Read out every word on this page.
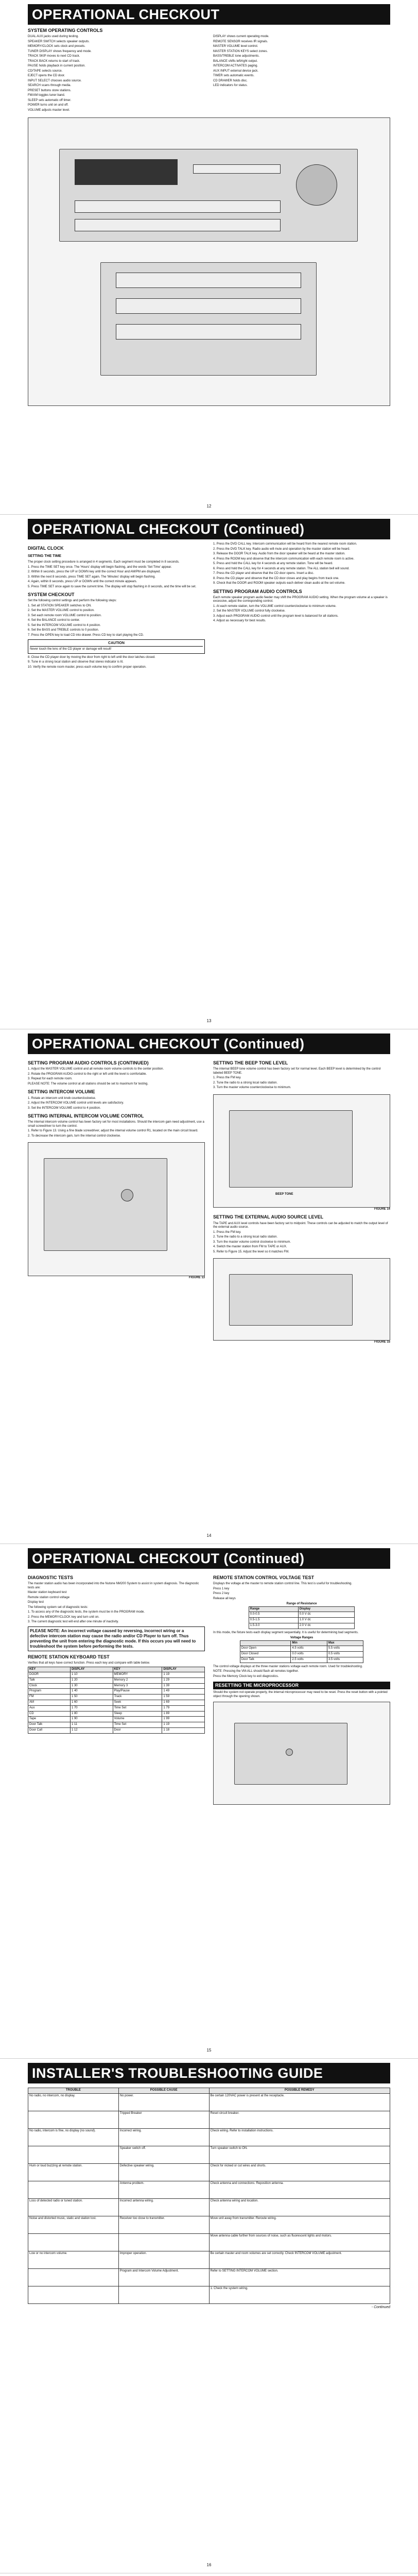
OPERATIONAL CHECKOUT
SYSTEM OPERATING CONTROLS
DUAL AUX jacks used during testing.
SPEAKER SWITCH selects speaker outputs.
MEMORY/CLOCK sets clock and presets.
TUNER DISPLAY shows frequency and mode.
TRACK SKIP moves to next CD track.
TRACK BACK returns to start of track.
PAUSE holds playback in current position.
CD/TAPE selects source.
EJECT opens the CD door.
INPUT SELECT chooses audio source.
SEARCH scans through media.
PRESET buttons store stations.
FM/AM toggles tuner band.
SLEEP sets automatic off timer.
POWER turns unit on and off.
VOLUME adjusts master level.
DISPLAY shows current operating mode.
REMOTE SENSOR receives IR signals.
MASTER VOLUME level control.
MASTER STATION KEYS select zones.
BASS/TREBLE tone adjustments.
BALANCE shifts left/right output.
INTERCOM ACTIVATES paging.
AUX INPUT external device jack.
TIMER sets automatic events.
CD DRAWER holds disc.
LED indicators for status.
12
OPERATIONAL CHECKOUT (Continued)
DIGITAL CLOCK
SETTING THE TIME
The proper clock setting procedure is arranged in 4 segments. Each segment must be completed in 8 seconds.
1. Press the TIME SET key once. The 'Hours' display will begin flashing, and the words 'Set Time' appear.
2. Within 8 seconds, press the UP or DOWN key until the correct Hour and AM/PM are displayed.
3. Within the next 8 seconds, press TIME SET again. The 'Minutes' display will begin flashing.
4. Again, within 8 seconds, press UP or DOWN until the correct minute appears.
5. Press TIME SET once again to save the current time. The display will stop flashing in 8 seconds, and the time will be set.
SYSTEM CHECKOUT
Set the following control settings and perform the following steps:
1. Set all STATION SPEAKER switches to ON.
2. Set the MASTER VOLUME control to position.
3. Set each remote room VOLUME control to position.
4. Set the BALANCE control to center.
5. Set the INTERCOM VOLUME control to 4 position.
6. Set the BASS and TREBLE controls to 0 position.
7. Press the OPEN key to load CD into drawer. Press CD key to start playing the CD.
CAUTION
Never touch the lens of the CD player or damage will result!
8. Close the CD player door by moving the door from right to left until the door latches closed.
9. Tune in a strong local station and observe that stereo indicator is lit.
10. Verify the remote room master, press each volume key to confirm proper operation.
1. Press the DVD CALL key. Intercom communication will be heard from the nearest remote room station.
2. Press the DVD TALK key. Radio audio will mute and operation by the master station will be heard.
3. Release the DOOR TALK key. Audio from the door speaker will be heard at the master station.
4. Press the ROOM key and observe that the intercom communication with each remote room is active.
5. Press and hold the CALL key for 4 seconds at any remote station. Tone will be heard.
6. Press and hold the CALL key for 4 seconds at any remote station. The ALL station bell will sound.
7. Press the CD player and observe that the CD door opens. Insert a disc.
8. Press the CD player and observe that the CD door closes and play begins from track one.
9. Check that the DOOR and ROOM speaker outputs each deliver clean audio at the set volume.
SETTING PROGRAM AUDIO CONTROLS
Each remote speaker program audio feeder may shift the PROGRAM AUDIO setting. When the program volume at a speaker is excessive, adjust the corresponding control.
1. At each remote station, turn the VOLUME control counterclockwise to minimum volume.
2. Set the MASTER VOLUME control fully clockwise.
3. Adjust each PROGRAM AUDIO control until the program level is balanced for all stations.
4. Adjust as necessary for best results.
13
OPERATIONAL CHECKOUT (Continued)
SETTING PROGRAM AUDIO CONTROLS (CONTINUED)
1. Adjust the MASTER VOLUME control and all remote room volume controls to the center position.
2. Rotate the PROGRAM AUDIO control to the right or left until the level is comfortable.
3. Repeat for each remote room.
PLEASE NOTE: The volume control at all stations should be set to maximum for testing.
SETTING INTERCOM VOLUME
1. Rotate an intercom unit knob counterclockwise.
2. Adjust the INTERCOM VOLUME control until levels are satisfactory.
3. Set the INTERCOM VOLUME control to 4 position.
SETTING INTERNAL INTERCOM VOLUME CONTROL
The internal intercom volume control has been factory set for most installations. Should the intercom gain need adjustment, use a small screwdriver to turn the control.
1. Refer to Figure 13. Using a fine blade screwdriver, adjust the internal volume control R1, located on the main circuit board.
2. To decrease the intercom gain, turn the internal control clockwise.
FIGURE 13
SETTING THE BEEP TONE LEVEL
The internal BEEP tone volume control has been factory set for normal level. Each BEEP level is determined by the control labeled BEEP TONE.
1. Press the FM key.
2. Tune the radio to a strong local radio station.
3. Turn the master volume counterclockwise to minimum.
BEEP TONE
FIGURE 14
SETTING THE EXTERNAL AUDIO SOURCE LEVEL
The TAPE and AUX level controls have been factory set to midpoint. These controls can be adjusted to match the output level of the external audio source.
1. Press the FM key.
2. Tune the radio to a strong local radio station.
3. Turn the master volume control clockwise to minimum.
4. Switch the master station from FM to TAPE or AUX.
5. Refer to Figure 15. Adjust the level so it matches FM.
FIGURE 15
14
OPERATIONAL CHECKOUT (Continued)
DIAGNOSTIC TESTS
The master station audio has been incorporated into the Nutone NM200 System to assist in system diagnosis. The diagnostic tests are:
Master station keyboard test
Remote station control voltage
Display test
The following system set of diagnostic tests:
1. To access any of the diagnostic tests, the system must be in the PROGRAM mode.
2. Press the MEMORY/CLOCK key and turn unit on.
3. The current diagnostic test will end after one minute of inactivity.
PLEASE NOTE: An incorrect voltage caused by reversing, incorrect wiring or a defective intercom station may cause the radio and/or CD Player to turn off. Thus preventing the unit from entering the diagnostic mode. If this occurs you will need to troubleshoot the system before performing the tests.
REMOTE STATION KEYBOARD TEST
Verifies that all keys have correct function. Press each key and compare with table below.
KEY	DISPLAY	KEY	DISPLAY
DOOR	1 10	MEMORY	1 19
Talk	1 20	Memory 2	1 29
Clock	1 30	Memory 3	1 39
Program	1 40	Play/Pause	1 49
FM	1 50	Track	1 59
AM	1 60	Seek	1 69
Aux	1 70	Time Set	1 79
CD	1 80	Sleep	1 89
Tape	1 90	Volume	1 99
Door Talk	1 11	Time Set	1 19
Door Call	1 12	Door	1 18
REMOTE STATION CONTROL VOLTAGE TEST
Displays the voltage at the master to remote station control line. This test is useful for troubleshooting.
Press 1 key
Press 2 key
Release all keys
Range of Resistance
Range	Display
0.0-0.5	0.0 V dc
0.5-1.5	1.0 V dc
1.5-3.0	2.0 V dc
In this mode, the fixture tests each display segment sequentially. It is useful for determining bad segments.
Voltage Ranges
	Min	Max
Door Open	4.5 volts	5.5 volts
Door Closed	0.0 volts	0.5 volts
Door Talk	2.5 volts	3.5 volts
The control voltage displays at the three master stations voltage each remote room. Used for troubleshooting.
NOTE: Pressing the VM-ALL should flash all remotes together.
Press the Memory Clock key to exit diagnostics.
RESETTING THE MICROPROCESSOR
Should the system not operate properly, the internal microprocessor may need to be reset. Press the reset button with a pointed object through the opening shown.
15
INSTALLER'S TROUBLESHOOTING GUIDE
TROUBLE	POSSIBLE CAUSE	POSSIBLE REMEDY
No radio, no intercom, no display.	No power.	Be certain 120VAC power is present at the receptacle.
	Tripped Breaker	Reset circuit breaker.
No radio, intercom is fine, no display (no sound).	Incorrect wiring.	Check wiring. Refer to installation instructions.
	Speaker switch off.	Turn speaker switch to ON.
Hum or loud buzzing at remote station.	Defective speaker wiring.	Check for nicked or cut wires and shorts.
	Antenna problem.	Check antenna and connections. Reposition antenna.
Loss of detected radio or tuned station.	Incorrect antenna wiring.	Check antenna wiring and location.
Noise and distorted music, static and station lost.	Receiver too close to transmitter.	Move unit away from transmitter. Reroute wiring.
		Move antenna cable further from sources of noise, such as fluorescent lights and motors.
Low or no intercom volume.	Improper operation.	Be certain master and room volumes are set correctly. Check INTERCOM VOLUME adjustment.
	Program and Intercom Volume Adjustment.	Refer to SETTING INTERCOM VOLUME section.
		1. Check the system wiring.
- Continued
16
